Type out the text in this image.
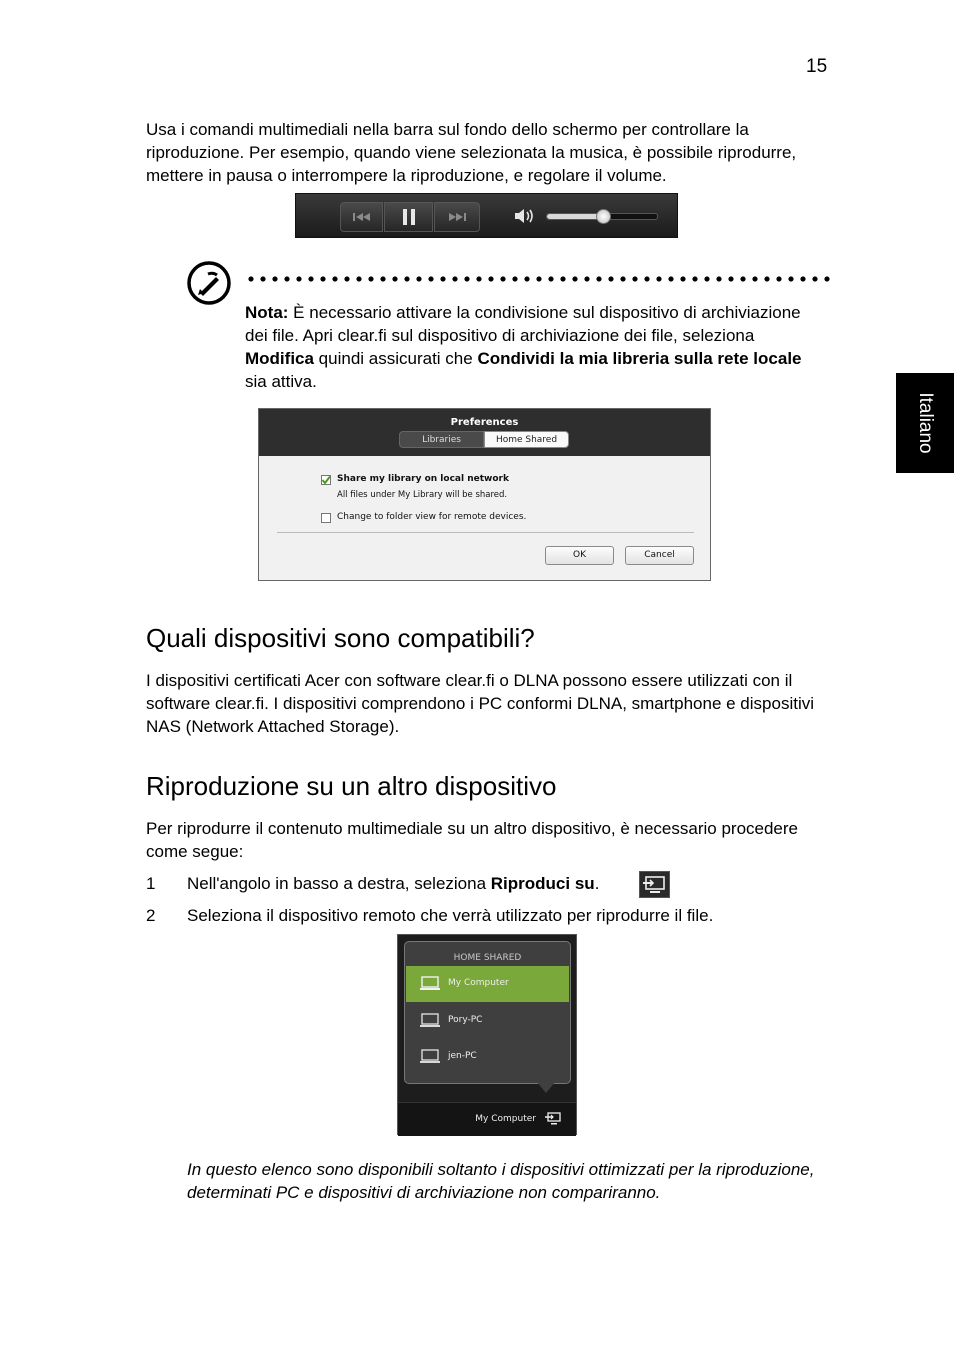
15
Italiano

Usa i comandi multimediali nella barra sul fondo dello schermo per controllare la riproduzione. Per esempio, quando viene selezionata la musica, è possibile riprodurre, mettere in pausa o interrompere la riproduzione, e regolare il volume.

Nota: È necessario attivare la condivisione sul dispositivo di archiviazione dei file. Apri clear.fi sul dispositivo di archiviazione dei file, seleziona Modifica quindi assicurati che Condividi la mia libreria sulla rete locale sia attiva.

Preferences
Libraries	Home Shared
Share my library on local network
All files under My Library will be shared.
Change to folder view for remote devices.
OK	Cancel
Quali dispositivi sono compatibili?

I dispositivi certificati Acer con software clear.fi o DLNA possono essere utilizzati con il software clear.fi. I dispositivi comprendono i PC conformi DLNA, smartphone e dispositivi NAS (Network Attached Storage).

Riproduzione su un altro dispositivo

Per riprodurre il contenuto multimediale su un altro dispositivo, è necessario procedere come segue:

1 Nell'angolo in basso a destra, seleziona Riproduci su.
2 Seleziona il dispositivo remoto che verrà utilizzato per riprodurre il file.
HOME SHARED
My Computer
Pory-PC
jen-PC
My Computer

In questo elenco sono disponibili soltanto i dispositivi ottimizzati per la riproduzione, determinati PC e dispositivi di archiviazione non compariranno.
